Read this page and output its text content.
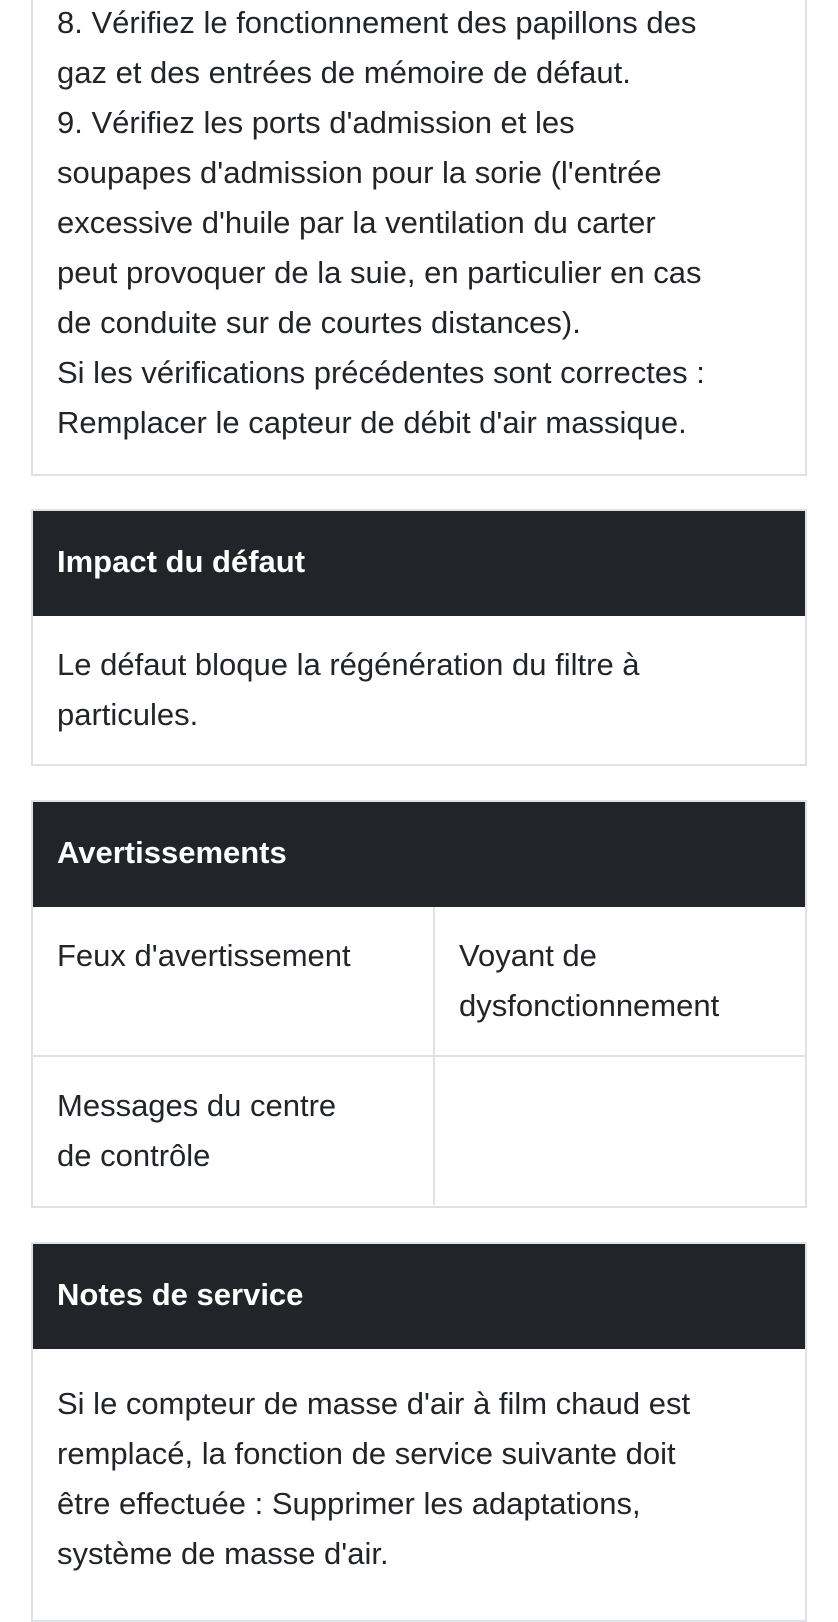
8. Vérifiez le fonctionnement des papillons des
gaz et des entrées de mémoire de défaut.
9. Vérifiez les ports d'admission et les
soupapes d'admission pour la sorie (l'entrée
excessive d'huile par la ventilation du carter
peut provoquer de la suie, en particulier en cas
de conduite sur de courtes distances).
Si les vérifications précédentes sont correctes :
Remplacer le capteur de débit d'air massique.
Impact du défaut
Le défaut bloque la régénération du filtre à
particules.
Avertissements
Feux d'avertissement	Voyant de
dysfonctionnement

Messages du centre
de contrôle	

Notes de service
Si le compteur de masse d'air à film chaud est
remplacé, la fonction de service suivante doit
être effectuée : Supprimer les adaptations,
système de masse d'air.
